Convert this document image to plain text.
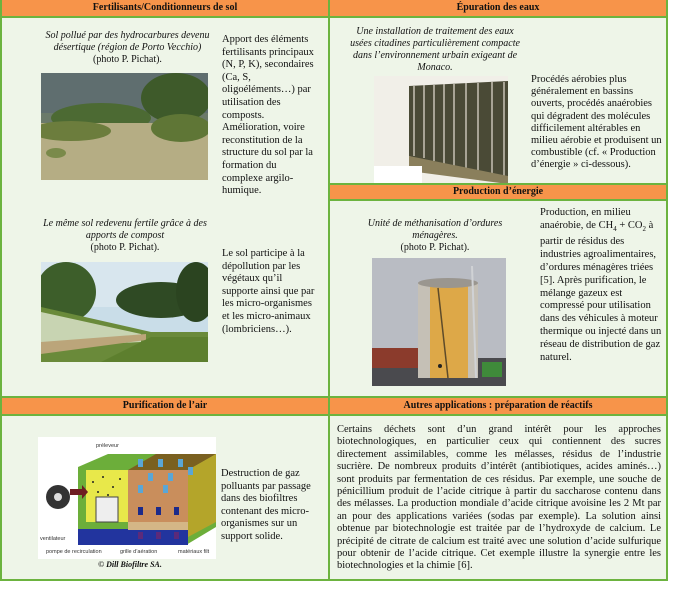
Fertilisants/Conditionneurs de sol
Sol pollué par des hydrocarbures devenu désertique (région de Porto Vecchio) (photo P. Pichat).
Apport des éléments fertilisants principaux (N, P, K), secondaires (Ca, S, oligoéléments…) par utilisation des composts. Amélioration, voire reconstitution de la structure du sol par la formation du complexe argilo-humique.
Le même sol redevenu fertile grâce à des apports de compost
(photo P. Pichat).
Le sol participe à la dépollution par les végétaux qu’il supporte ainsi que par les micro-organismes et les micro-animaux (lombriciens…).
Épuration des eaux
Une installation de traitement des eaux usées citadines particulièrement compacte dans l’environnement urbain exigeant de Monaco.
Procédés aérobies plus généralement en bassins ouverts, procédés anaérobies qui dégradent des molécules difficilement altérables en milieu aérobie et produisent un combustible (cf. « Production d’énergie » ci-dessous).
Production d’énergie
Unité de méthanisation d’ordures ménagères.
(photo P. Pichat).
Production, en milieu anaérobie, de $CH_4 + CO_2$ à partir de résidus des industries agroalimentaires, d’ordures ménagères triées [5]. Après purification, le mélange gazeux est compressé pour utilisation dans des véhicules à moteur thermique ou injecté dans un réseau de distribution de gaz naturel.
Purification de l’air
préleveur
ventilateur
pompe de recirculation	grille d’aération	matériaux filt
© Dill Biofiltre SA.
Destruction de gaz polluants par passage dans des biofiltres contenant des micro-organismes sur un support solide.
Autres applications : préparation de réactifs
Certains déchets sont d’un grand intérêt pour les approches biotechnologiques, en particulier ceux qui contiennent des sucres directement assimilables, comme les mélasses, résidus de l’industrie sucrière. De nombreux produits d’intérêt (antibiotiques, acides aminés…) sont produits par fermentation de ces résidus. Par exemple, une souche de pénicillium produit de l’acide citrique à partir du saccharose contenu dans des mélasses. La production mondiale d’acide citrique avoisine les 2 Mt par an pour des applications variées (sodas par exemple). La solution ainsi obtenue par biotechnologie est traitée par de l’hydroxyde de calcium. Le précipité de citrate de calcium est traité avec une solution d’acide sulfurique pour obtenir de l’acide citrique. Cet exemple illustre la synergie entre les biotechnologies et la chimie [6].
